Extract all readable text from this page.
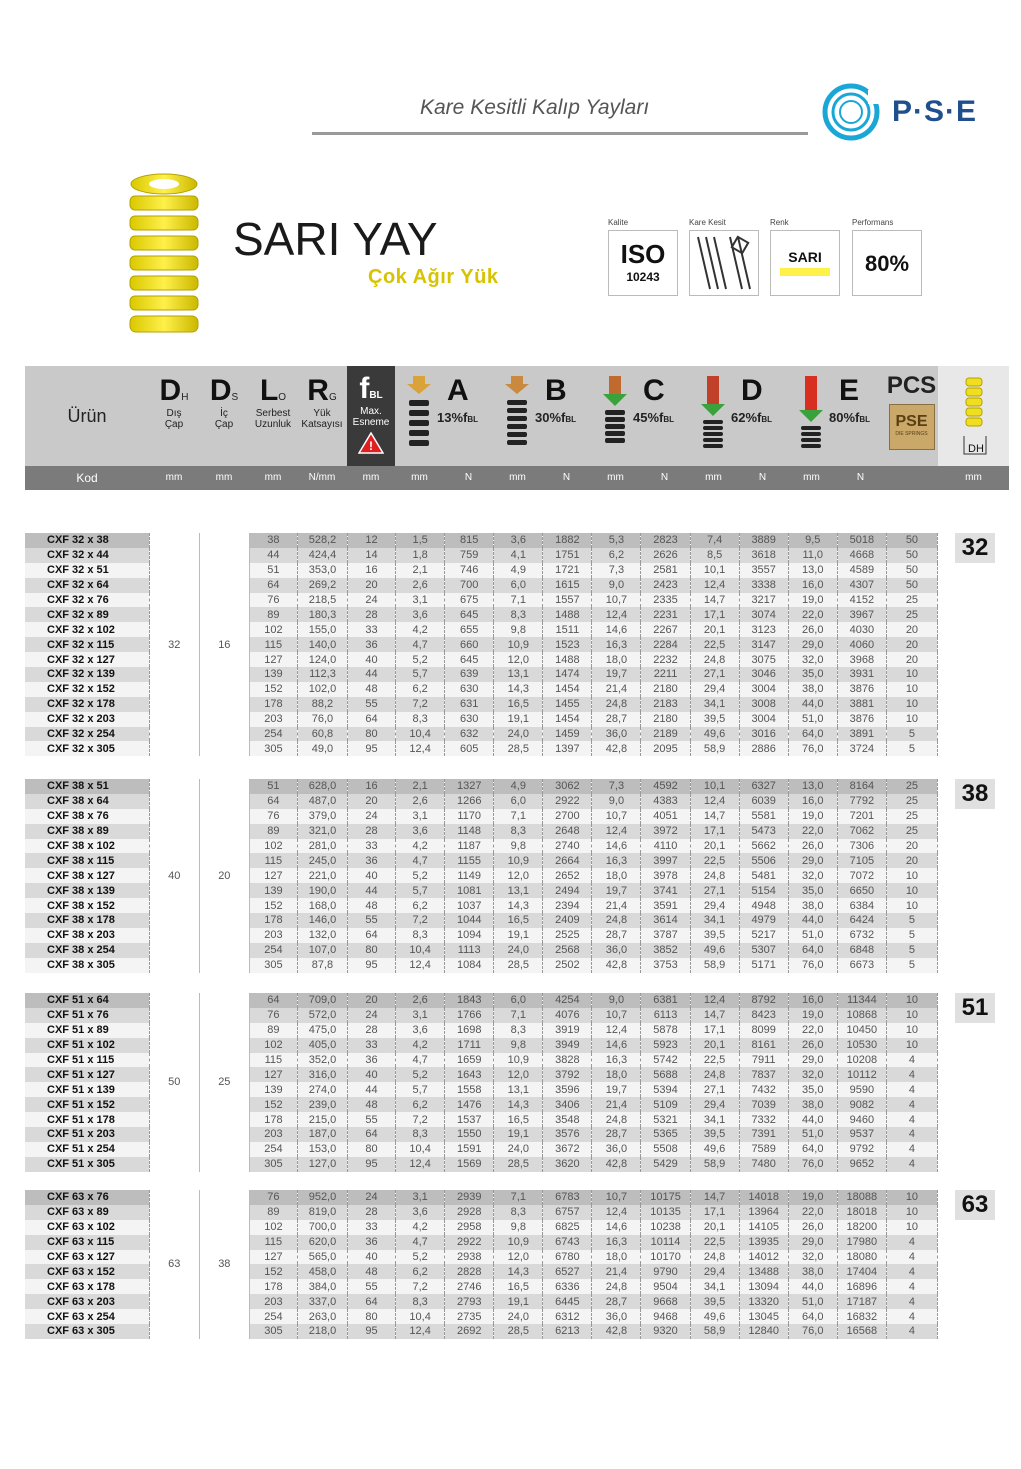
Kare Kesitli Kalıp Yayları	P·S·E
SARI YAY
Çok Ağır Yük
Kalite
ISO
10243
Kare Kesit	Renk
SARI
Performans
80%
Ürün
DH
Dış
Çap
DS
İç
Çap
LO
Serbest
Uzunluk
RG
Yük
Katsayısı
fBL
Max.
Esneme
!
A
13%fBL
B
30%fBL
C
45%fBL
D
62%fBL
E
80%fBL
PCS
PSE
DIE SPRINGS
DH
Kod	mm	mm	mm	N/mm	mm	mm	N	mm	N	mm	N	mm	N	mm	N	mm
CXF 32 x 38	32	16	38	528,2	12	1,5	815	3,6	1882	5,3	2823	7,4	3889	9,5	5018	50
CXF 32 x 44			44	424,4	14	1,8	759	4,1	1751	6,2	2626	8,5	3618	11,0	4668	50
CXF 32 x 51			51	353,0	16	2,1	746	4,9	1721	7,3	2581	10,1	3557	13,0	4589	50
CXF 32 x 64			64	269,2	20	2,6	700	6,0	1615	9,0	2423	12,4	3338	16,0	4307	50
CXF 32 x 76			76	218,5	24	3,1	675	7,1	1557	10,7	2335	14,7	3217	19,0	4152	25
CXF 32 x 89			89	180,3	28	3,6	645	8,3	1488	12,4	2231	17,1	3074	22,0	3967	25
CXF 32 x 102			102	155,0	33	4,2	655	9,8	1511	14,6	2267	20,1	3123	26,0	4030	20
CXF 32 x 115			115	140,0	36	4,7	660	10,9	1523	16,3	2284	22,5	3147	29,0	4060	20
CXF 32 x 127			127	124,0	40	5,2	645	12,0	1488	18,0	2232	24,8	3075	32,0	3968	20
CXF 32 x 139			139	112,3	44	5,7	639	13,1	1474	19,7	2211	27,1	3046	35,0	3931	10
CXF 32 x 152			152	102,0	48	6,2	630	14,3	1454	21,4	2180	29,4	3004	38,0	3876	10
CXF 32 x 178			178	88,2	55	7,2	631	16,5	1455	24,8	2183	34,1	3008	44,0	3881	10
CXF 32 x 203			203	76,0	64	8,3	630	19,1	1454	28,7	2180	39,5	3004	51,0	3876	10
CXF 32 x 254			254	60,8	80	10,4	632	24,0	1459	36,0	2189	49,6	3016	64,0	3891	5
CXF 32 x 305			305	49,0	95	12,4	605	28,5	1397	42,8	2095	58,9	2886	76,0	3724	5
CXF 38 x 51	40	20	51	628,0	16	2,1	1327	4,9	3062	7,3	4592	10,1	6327	13,0	8164	25
CXF 38 x 64			64	487,0	20	2,6	1266	6,0	2922	9,0	4383	12,4	6039	16,0	7792	25
CXF 38 x 76			76	379,0	24	3,1	1170	7,1	2700	10,7	4051	14,7	5581	19,0	7201	25
CXF 38 x 89			89	321,0	28	3,6	1148	8,3	2648	12,4	3972	17,1	5473	22,0	7062	25
CXF 38 x 102			102	281,0	33	4,2	1187	9,8	2740	14,6	4110	20,1	5662	26,0	7306	20
CXF 38 x 115			115	245,0	36	4,7	1155	10,9	2664	16,3	3997	22,5	5506	29,0	7105	20
CXF 38 x 127			127	221,0	40	5,2	1149	12,0	2652	18,0	3978	24,8	5481	32,0	7072	10
CXF 38 x 139			139	190,0	44	5,7	1081	13,1	2494	19,7	3741	27,1	5154	35,0	6650	10
CXF 38 x 152			152	168,0	48	6,2	1037	14,3	2394	21,4	3591	29,4	4948	38,0	6384	10
CXF 38 x 178			178	146,0	55	7,2	1044	16,5	2409	24,8	3614	34,1	4979	44,0	6424	5
CXF 38 x 203			203	132,0	64	8,3	1094	19,1	2525	28,7	3787	39,5	5217	51,0	6732	5
CXF 38 x 254			254	107,0	80	10,4	1113	24,0	2568	36,0	3852	49,6	5307	64,0	6848	5
CXF 38 x 305			305	87,8	95	12,4	1084	28,5	2502	42,8	3753	58,9	5171	76,0	6673	5
CXF 51 x 64	50	25	64	709,0	20	2,6	1843	6,0	4254	9,0	6381	12,4	8792	16,0	11344	10
CXF 51 x 76			76	572,0	24	3,1	1766	7,1	4076	10,7	6113	14,7	8423	19,0	10868	10
CXF 51 x 89			89	475,0	28	3,6	1698	8,3	3919	12,4	5878	17,1	8099	22,0	10450	10
CXF 51 x 102			102	405,0	33	4,2	1711	9,8	3949	14,6	5923	20,1	8161	26,0	10530	10
CXF 51 x 115			115	352,0	36	4,7	1659	10,9	3828	16,3	5742	22,5	7911	29,0	10208	4
CXF 51 x 127			127	316,0	40	5,2	1643	12,0	3792	18,0	5688	24,8	7837	32,0	10112	4
CXF 51 x 139			139	274,0	44	5,7	1558	13,1	3596	19,7	5394	27,1	7432	35,0	9590	4
CXF 51 x 152			152	239,0	48	6,2	1476	14,3	3406	21,4	5109	29,4	7039	38,0	9082	4
CXF 51 x 178			178	215,0	55	7,2	1537	16,5	3548	24,8	5321	34,1	7332	44,0	9460	4
CXF 51 x 203			203	187,0	64	8,3	1550	19,1	3576	28,7	5365	39,5	7391	51,0	9537	4
CXF 51 x 254			254	153,0	80	10,4	1591	24,0	3672	36,0	5508	49,6	7589	64,0	9792	4
CXF 51 x 305			305	127,0	95	12,4	1569	28,5	3620	42,8	5429	58,9	7480	76,0	9652	4
CXF 63 x 76	63	38	76	952,0	24	3,1	2939	7,1	6783	10,7	10175	14,7	14018	19,0	18088	10
CXF 63 x 89			89	819,0	28	3,6	2928	8,3	6757	12,4	10135	17,1	13964	22,0	18018	10
CXF 63 x 102			102	700,0	33	4,2	2958	9,8	6825	14,6	10238	20,1	14105	26,0	18200	10
CXF 63 x 115			115	620,0	36	4,7	2922	10,9	6743	16,3	10114	22,5	13935	29,0	17980	4
CXF 63 x 127			127	565,0	40	5,2	2938	12,0	6780	18,0	10170	24,8	14012	32,0	18080	4
CXF 63 x 152			152	458,0	48	6,2	2828	14,3	6527	21,4	9790	29,4	13488	38,0	17404	4
CXF 63 x 178			178	384,0	55	7,2	2746	16,5	6336	24,8	9504	34,1	13094	44,0	16896	4
CXF 63 x 203			203	337,0	64	8,3	2793	19,1	6445	28,7	9668	39,5	13320	51,0	17187	4
CXF 63 x 254			254	263,0	80	10,4	2735	24,0	6312	36,0	9468	49,6	13045	64,0	16832	4
CXF 63 x 305			305	218,0	95	12,4	2692	28,5	6213	42,8	9320	58,9	12840	76,0	16568	4
32
38
51
63
